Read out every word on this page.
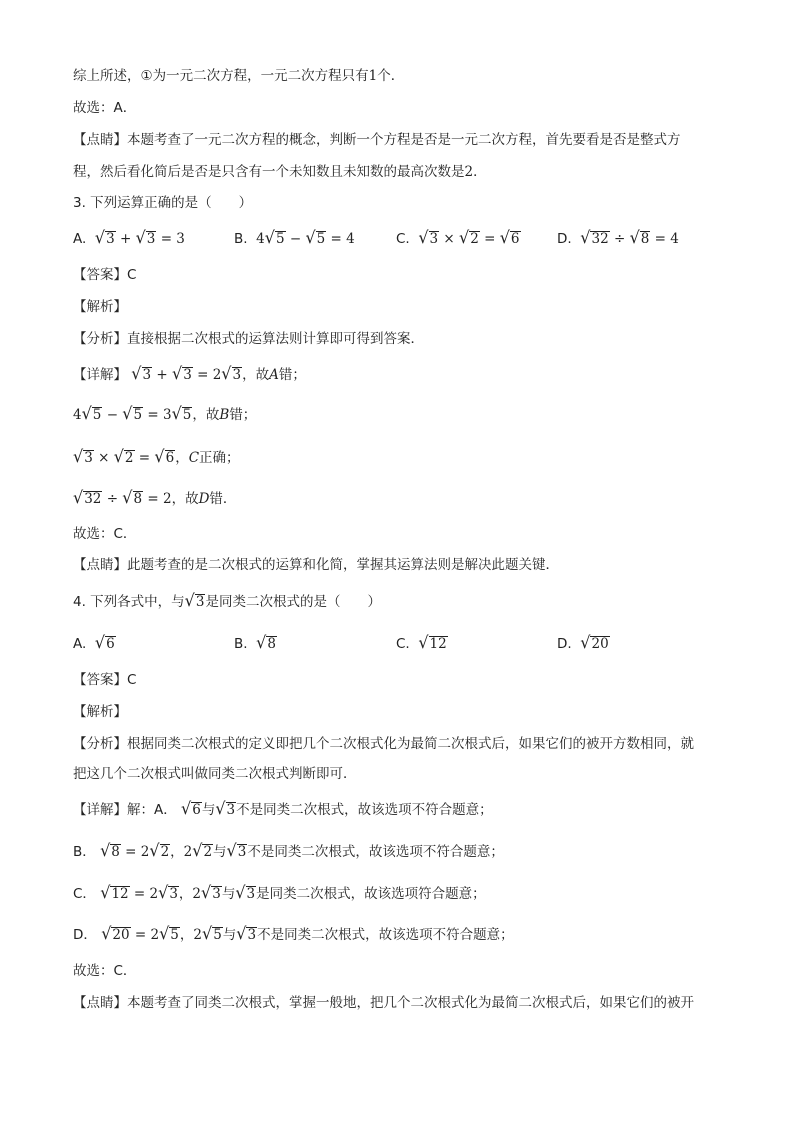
综上所述，①为一元二次方程，一元二次方程只有1个．
故选：A．
【点睛】本题考查了一元二次方程的概念，判断一个方程是否是一元二次方程，首先要看是否是整式方
程，然后看化简后是否是只含有一个未知数且未知数的最高次数是2．
3. 下列运算正确的是（　　）
A. √3 + √3 = 3	B. 4√5 − √5 = 4	C. √3 × √2 = √6	D. √32 ÷ √8 = 4
【答案】C
【解析】
【分析】直接根据二次根式的运算法则计算即可得到答案．
【详解】 √3 + √3 = 2√3，故A错；
4√5 − √5 = 3√5，故B错；
√3 × √2 = √6，C正确；
√32 ÷ √8 = 2，故D错．
故选：C．
【点睛】此题考查的是二次根式的运算和化简，掌握其运算法则是解决此题关键．
4. 下列各式中，与√3是同类二次根式的是（　　）
A. √6	B. √8	C. √12	D. √20
【答案】C
【解析】
【分析】根据同类二次根式的定义即把几个二次根式化为最简二次根式后，如果它们的被开方数相同，就
把这几个二次根式叫做同类二次根式判断即可．
【详解】解：A． √6与√3不是同类二次根式，故该选项不符合题意；
B． √8 = 2√2，2√2与√3不是同类二次根式，故该选项不符合题意；
C． √12 = 2√3，2√3与√3是同类二次根式，故该选项符合题意；
D． √20 = 2√5，2√5与√3不是同类二次根式，故该选项不符合题意；
故选：C．
【点睛】本题考查了同类二次根式，掌握一般地，把几个二次根式化为最简二次根式后，如果它们的被开
